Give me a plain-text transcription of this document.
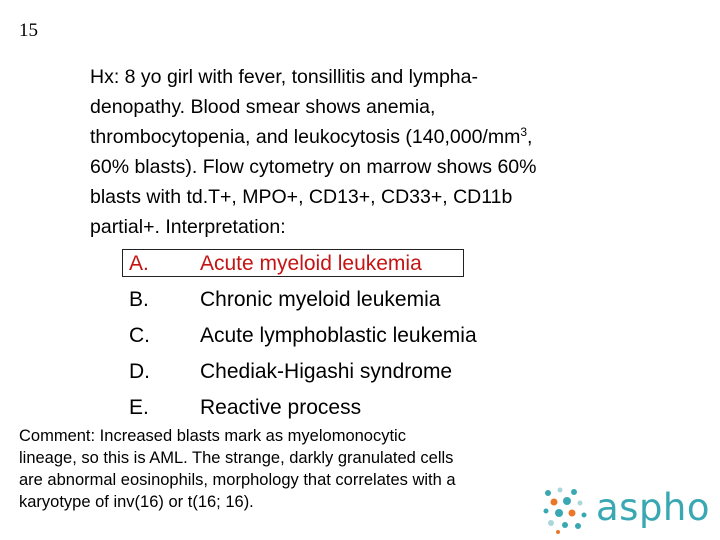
15
Hx: 8 yo girl with fever, tonsillitis and lympha-
denopathy. Blood smear shows anemia,
thrombocytopenia, and leukocytosis ($140,000/mm^3$,
60% blasts). Flow cytometry on marrow shows 60%
blasts with td.T+, MPO+, CD13+, CD33+, CD11b
partial+. Interpretation:
A. Acute myeloid leukemia
B. Chronic myeloid leukemia
C. Acute lymphoblastic leukemia
D. Chediak-Higashi syndrome
E. Reactive process
Comment: Increased blasts mark as myelomonocytic
lineage, so this is AML. The strange, darkly granulated cells
are abnormal eosinophils, morphology that correlates with a
karyotype of inv(16) or t(16; 16).	aspho
